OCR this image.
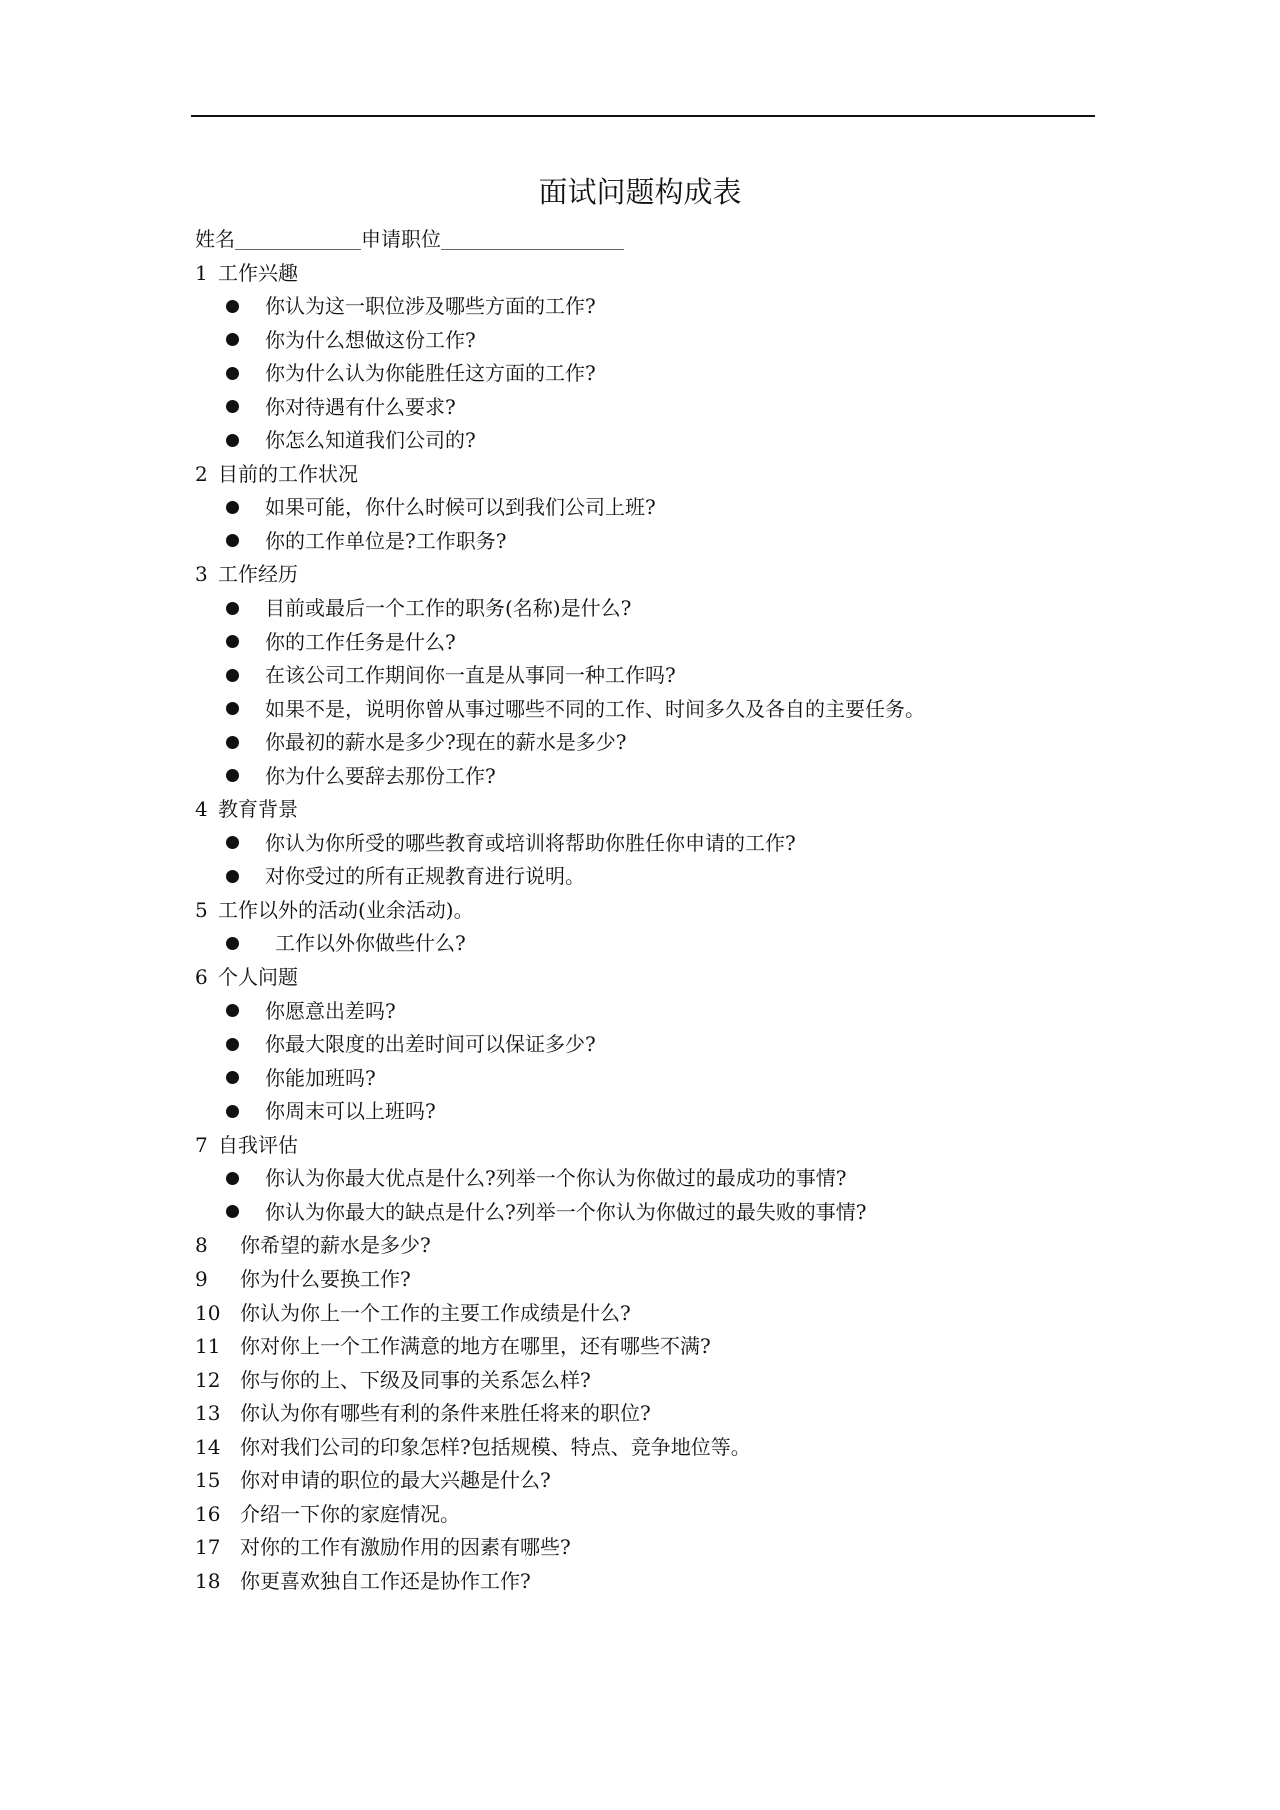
面试问题构成表
姓名	申请职位
1 工作兴趣
你认为这一职位涉及哪些方面的工作?
你为什么想做这份工作?
你为什么认为你能胜任这方面的工作?
你对待遇有什么要求?
你怎么知道我们公司的?
2 目前的工作状况
如果可能，你什么时候可以到我们公司上班?
你的工作单位是?工作职务?
3 工作经历
目前或最后一个工作的职务(名称)是什么?
你的工作任务是什么?
在该公司工作期间你一直是从事同一种工作吗?
如果不是，说明你曾从事过哪些不同的工作、时间多久及各自的主要任务。
你最初的薪水是多少?现在的薪水是多少?
你为什么要辞去那份工作?
4 教育背景
你认为你所受的哪些教育或培训将帮助你胜任你申请的工作?
对你受过的所有正规教育进行说明。
5 工作以外的活动(业余活动)。
工作以外你做些什么?
6 个人问题
你愿意出差吗?
你最大限度的出差时间可以保证多少?
你能加班吗?
你周末可以上班吗?
7 自我评估
你认为你最大优点是什么?列举一个你认为你做过的最成功的事情?
你认为你最大的缺点是什么?列举一个你认为你做过的最失败的事情?
8 你希望的薪水是多少?
9 你为什么要换工作?
10 你认为你上一个工作的主要工作成绩是什么?
11 你对你上一个工作满意的地方在哪里，还有哪些不满?
12 你与你的上、下级及同事的关系怎么样?
13 你认为你有哪些有利的条件来胜任将来的职位?
14 你对我们公司的印象怎样?包括规模、特点、竞争地位等。
15 你对申请的职位的最大兴趣是什么?
16 介绍一下你的家庭情况。
17 对你的工作有激励作用的因素有哪些?
18 你更喜欢独自工作还是协作工作?
